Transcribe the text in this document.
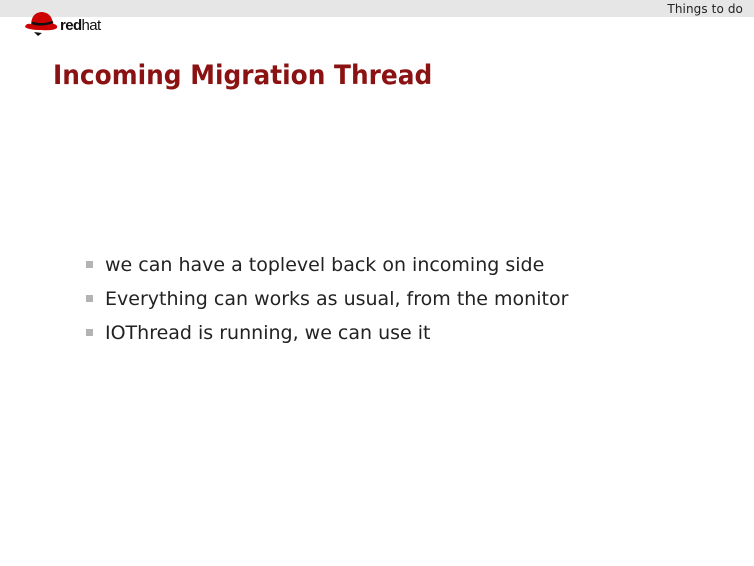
Things to do
redhat
Incoming Migration Thread
we can have a toplevel back on incoming side
Everything can works as usual, from the monitor
IOThread is running, we can use it
